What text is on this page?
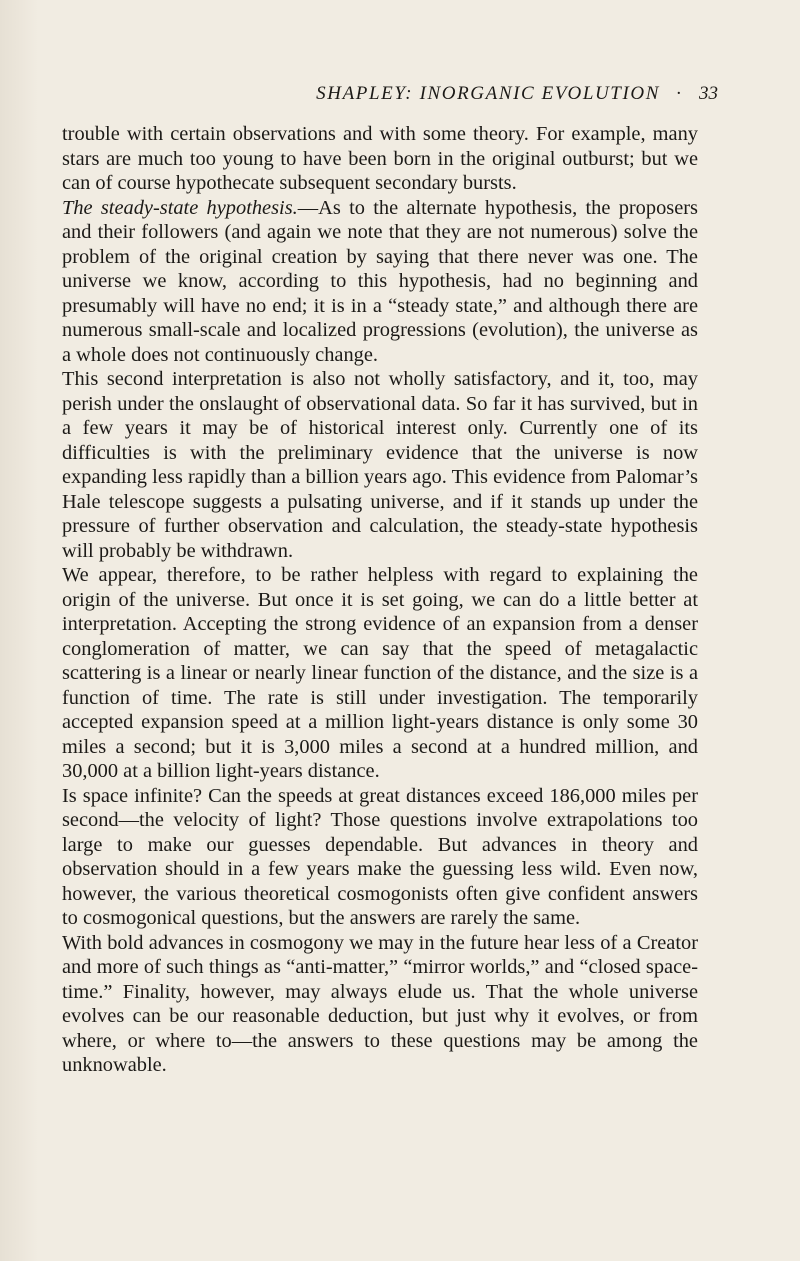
SHAPLEY: INORGANIC EVOLUTION · 33

trouble with certain observations and with some theory. For example, many stars are much too young to have been born in the original outburst; but we can of course hypothecate subsequent secondary bursts.

The steady-state hypothesis.—As to the alternate hypothesis, the proposers and their followers (and again we note that they are not numerous) solve the problem of the original creation by saying that there never was one. The universe we know, according to this hypothesis, had no beginning and presumably will have no end; it is in a “steady state,” and although there are numerous small-scale and localized progressions (evolution), the universe as a whole does not continuously change.

This second interpretation is also not wholly satisfactory, and it, too, may perish under the onslaught of observational data. So far it has survived, but in a few years it may be of historical interest only. Currently one of its difficulties is with the preliminary evidence that the universe is now expanding less rapidly than a billion years ago. This evidence from Palomar’s Hale telescope suggests a pulsating universe, and if it stands up under the pressure of further observation and calculation, the steady-state hypothesis will probably be withdrawn.

We appear, therefore, to be rather helpless with regard to explaining the origin of the universe. But once it is set going, we can do a little better at interpretation. Accepting the strong evidence of an expansion from a denser conglomeration of matter, we can say that the speed of metagalactic scattering is a linear or nearly linear function of the distance, and the size is a function of time. The rate is still under investigation. The temporarily accepted expansion speed at a million light-years distance is only some 30 miles a second; but it is 3,000 miles a second at a hundred million, and 30,000 at a billion light-years distance.

Is space infinite? Can the speeds at great distances exceed 186,000 miles per second—the velocity of light? Those questions involve extrapolations too large to make our guesses dependable. But advances in theory and observation should in a few years make the guessing less wild. Even now, however, the various theoretical cosmogonists often give confident answers to cosmogonical questions, but the answers are rarely the same.

With bold advances in cosmogony we may in the future hear less of a Creator and more of such things as “anti-matter,” “mirror worlds,” and “closed space-time.” Finality, however, may always elude us. That the whole universe evolves can be our reasonable deduction, but just why it evolves, or from where, or where to—the answers to these questions may be among the unknowable.
